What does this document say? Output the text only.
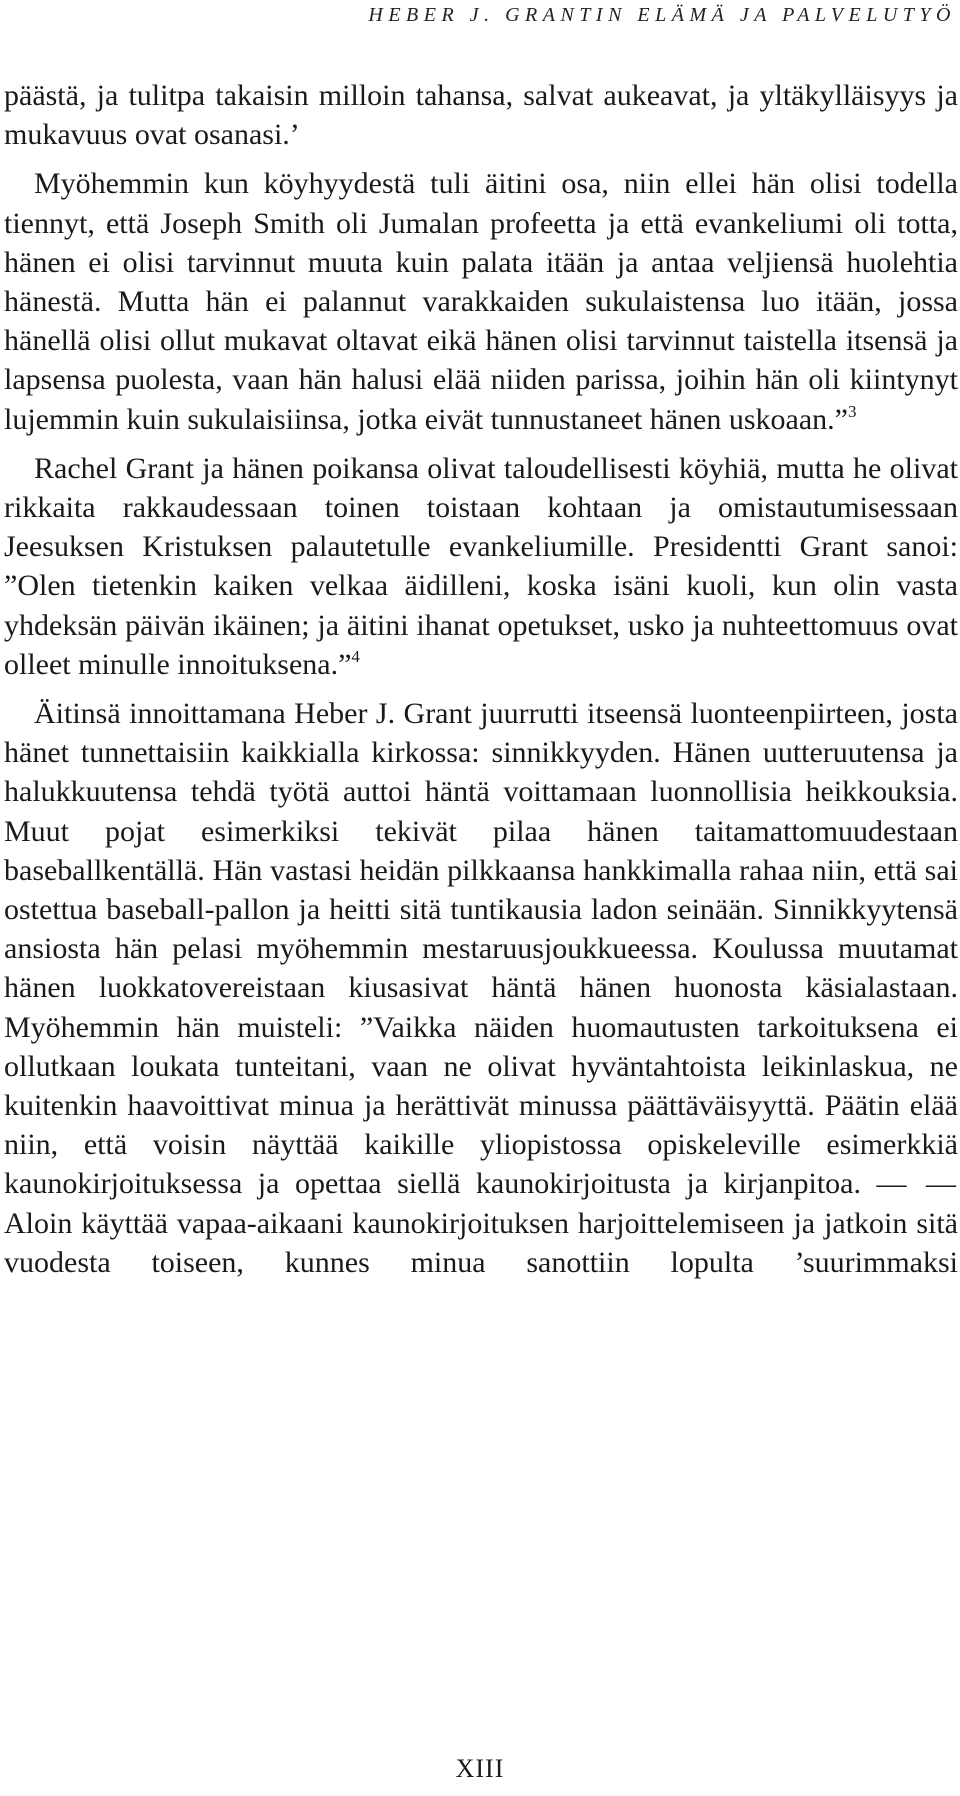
HEBER J. GRANTIN ELÄMÄ JA PALVELUTYÖ

päästä, ja tulitpa takaisin milloin tahansa, salvat aukeavat, ja yltäkylläisyys ja mukavuus ovat osanasi.’

Myöhemmin kun köyhyydestä tuli äitini osa, niin ellei hän olisi todella tiennyt, että Joseph Smith oli Jumalan profeetta ja että evankeliumi oli totta, hänen ei olisi tarvinnut muuta kuin palata itään ja antaa veljiensä huolehtia hänestä. Mutta hän ei palannut varakkaiden sukulaistensa luo itään, jossa hänellä olisi ollut mukavat oltavat eikä hänen olisi tarvinnut taistella itsensä ja lapsensa puolesta, vaan hän halusi elää niiden parissa, joihin hän oli kiintynyt lujemmin kuin sukulaisiinsa, jotka eivät tunnustaneet hänen uskoaan.”$^3$

Rachel Grant ja hänen poikansa olivat taloudellisesti köyhiä, mutta he olivat rikkaita rakkaudessaan toinen toistaan kohtaan ja omistautumisessaan Jeesuksen Kristuksen palautetulle evankeliumille. Presidentti Grant sanoi: ”Olen tietenkin kaiken velkaa äidilleni, koska isäni kuoli, kun olin vasta yhdeksän päivän ikäinen; ja äitini ihanat opetukset, usko ja nuhteettomuus ovat olleet minulle innoituksena.”$^4$

Äitinsä innoittamana Heber J. Grant juurrutti itseensä luonteenpiirteen, josta hänet tunnettaisiin kaikkialla kirkossa: sinnikkyyden. Hänen uutteruutensa ja halukkuutensa tehdä työtä auttoi häntä voittamaan luonnollisia heikkouksia. Muut pojat esimerkiksi tekivät pilaa hänen taitamattomuudestaan baseballkentällä. Hän vastasi heidän pilkkaansa hankkimalla rahaa niin, että sai ostettua baseball-pallon ja heitti sitä tuntikausia ladon seinään. Sinnikkyytensä ansiosta hän pelasi myöhemmin mestaruusjoukkueessa. Koulussa muutamat hänen luokkatovereistaan kiusasivat häntä hänen huonosta käsialastaan. Myöhemmin hän muisteli: ”Vaikka näiden huomautusten tarkoituksena ei ollutkaan loukata tunteitani, vaan ne olivat hyväntahtoista leikinlaskua, ne kuitenkin haavoittivat minua ja herättivät minussa päättäväisyyttä. Päätin elää niin, että voisin näyttää kaikille yliopistossa opiskeleville esimerkkiä kaunokirjoituksessa ja opettaa siellä kaunokirjoitusta ja kirjanpitoa. — — Aloin käyttää vapaa-aikaani kaunokirjoituksen harjoittelemiseen ja jatkoin sitä vuodesta toiseen, kunnes minua sanottiin lopulta ’suurimmaksi

XIII
